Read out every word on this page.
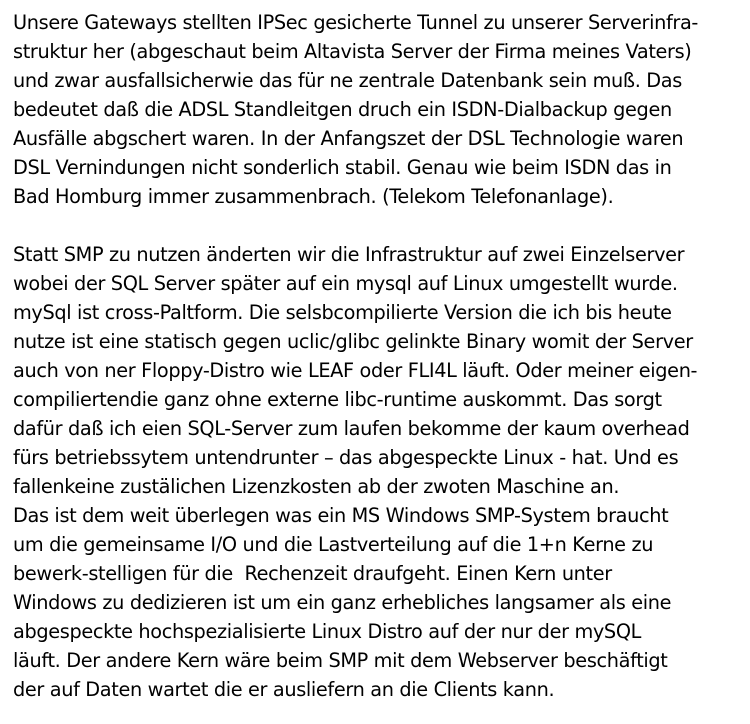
Unsere Gateways stellten IPSec gesicherte Tunnel zu unserer Serverinfra-
struktur her (abgeschaut beim Altavista Server der Firma meines Vaters)
und zwar ausfallsicherwie das für ne zentrale Datenbank sein muß. Das
bedeutet daß die ADSL Standleitgen druch ein ISDN-Dialbackup gegen
Ausfälle abgschert waren. In der Anfangszet der DSL Technologie waren
DSL Vernindungen nicht sonderlich stabil. Genau wie beim ISDN das in
Bad Homburg immer zusammenbrach. (Telekom Telefonanlage).
Statt SMP zu nutzen änderten wir die Infrastruktur auf zwei Einzelserver
wobei der SQL Server später auf ein mysql auf Linux umgestellt wurde.
mySql ist cross-Paltform. Die selsbcompilierte Version die ich bis heute
nutze ist eine statisch gegen uclic/glibc gelinkte Binary womit der Server
auch von ner Floppy-Distro wie LEAF oder FLI4L läuft. Oder meiner eigen-
compiliertendie ganz ohne externe libc-runtime auskommt. Das sorgt
dafür daß ich eien SQL-Server zum laufen bekomme der kaum overhead
fürs betriebssytem untendrunter – das abgespeckte Linux - hat. Und es
fallenkeine zustälichen Lizenzkosten ab der zwoten Maschine an.
Das ist dem weit überlegen was ein MS Windows SMP-System braucht
um die gemeinsame I/O und die Lastverteilung auf die 1+n Kerne zu
bewerk-stelligen für die  Rechenzeit draufgeht. Einen Kern unter
Windows zu dedizieren ist um ein ganz erhebliches langsamer als eine
abgespeckte hochspezialisierte Linux Distro auf der nur der mySQL
läuft. Der andere Kern wäre beim SMP mit dem Webserver beschäftigt
der auf Daten wartet die er ausliefern an die Clients kann.
